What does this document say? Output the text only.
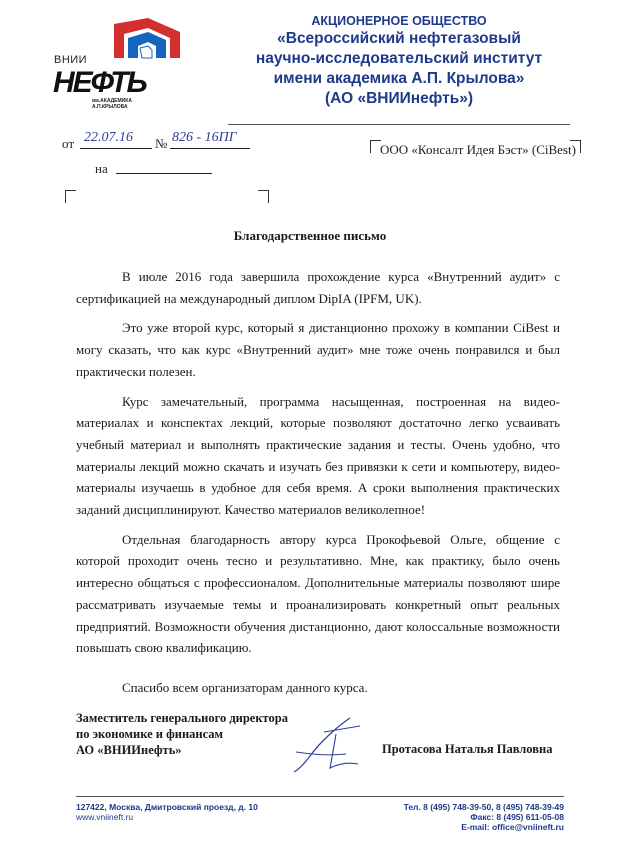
ВНИИ
НЕФТЬ
им.АКАДЕМИКА
А.П.КРЫЛОВА
АКЦИОНЕРНОЕ ОБЩЕСТВО
«Всероссийский нефтегазовый
научно-исследовательский институт
имени академика А.П. Крылова»
(АО «ВНИИнефть»)
от 22.07.16 № 826 - 16ПГ
на
ООО «Консалт Идея Бэст» (CiBest)
Благодарственное письмо

В июле 2016 года завершила прохождение курса «Внутренний аудит» с сертификацией на международный диплом DipIA (IPFM, UK).

Это уже второй курс, который я дистанционно прохожу в компании CiBest и могу сказать, что как курс «Внутренний аудит» мне тоже очень понравился и был практически полезен.

Курс замечательный, программа насыщенная, построенная на видео-материалах и конспектах лекций, которые позволяют достаточно легко усваивать учебный материал и выполнять практические задания и тесты. Очень удобно, что материалы лекций можно скачать и изучать без привязки к сети и компьютеру, видео-материалы изучаешь в удобное для себя время. А сроки выполнения практических заданий дисциплинируют. Качество материалов великолепное!

Отдельная благодарность автору курса Прокофьевой Ольге, общение с которой проходит очень тесно и результативно. Мне, как практику, было очень интересно общаться с профессионалом. Дополнительные материалы позволяют шире рассматривать изучаемые темы и проанализировать конкретный опыт реальных предприятий. Возможности обучения дистанционно, дают колоссальные возможности повышать свою квалификацию.

Спасибо всем организаторам данного курса.

Заместитель генерального директора
по экономике и финансам
АО «ВНИИнефть»	Протасова Наталья Павловна
127422, Москва, Дмитровский проезд, д. 10
www.vniineft.ru
Тел. 8 (495) 748-39-50, 8 (495) 748-39-49
Факс: 8 (495) 611-05-08
E-mail: office@vniineft.ru
